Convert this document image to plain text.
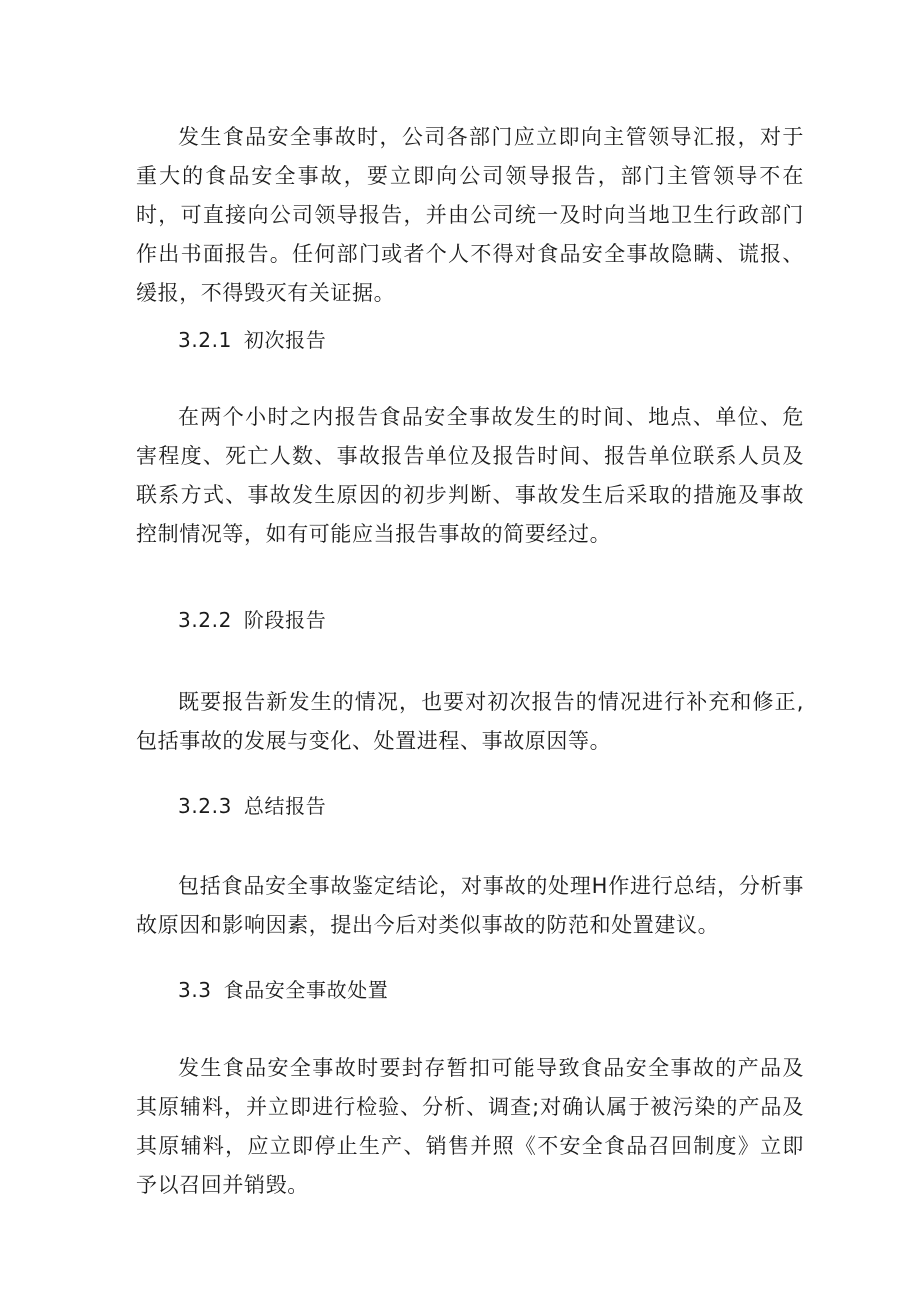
发生食品安全事故时，公司各部门应立即向主管领导汇报，对于重大的食品安全事故，要立即向公司领导报告，部门主管领导不在时，可直接向公司领导报告，并由公司统一及时向当地卫生行政部门作出书面报告。任何部门或者个人不得对食品安全事故隐瞒、谎报、缓报，不得毁灭有关证据。

3.2.1 初次报告

在两个小时之内报告食品安全事故发生的时间、地点、单位、危害程度、死亡人数、事故报告单位及报告时间、报告单位联系人员及联系方式、事故发生原因的初步判断、事故发生后采取的措施及事故控制情况等，如有可能应当报告事故的简要经过。

3.2.2 阶段报告

既要报告新发生的情况，也要对初次报告的情况进行补充和修正,包括事故的发展与变化、处置进程、事故原因等。

3.2.3 总结报告

包括食品安全事故鉴定结论，对事故的处理H作进行总结，分析事故原因和影响因素，提出今后对类似事故的防范和处置建议。

3.3 食品安全事故处置

发生食品安全事故时要封存暂扣可能导致食品安全事故的产品及其原辅料，并立即进行检验、分析、调查;对确认属于被污染的产品及其原辅料，应立即停止生产、销售并照《不安全食品召回制度》立即予以召回并销毁。
